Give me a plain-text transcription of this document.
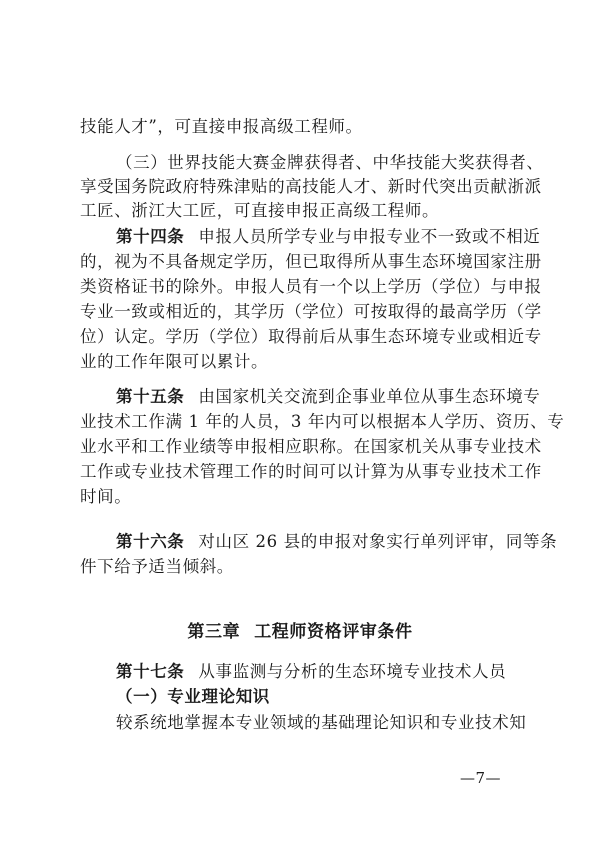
技能人才”，可直接申报高级工程师。
（三）世界技能大赛金牌获得者、中华技能大奖获得者、
享受国务院政府特殊津贴的高技能人才、新时代突出贡献浙派
工匠、浙江大工匠，可直接申报正高级工程师。
第十四条 申报人员所学专业与申报专业不一致或不相近
的，视为不具备规定学历，但已取得所从事生态环境国家注册
类资格证书的除外。申报人员有一个以上学历（学位）与申报
专业一致或相近的，其学历（学位）可按取得的最高学历（学
位）认定。学历（学位）取得前后从事生态环境专业或相近专
业的工作年限可以累计。
第十五条 由国家机关交流到企事业单位从事生态环境专
业技术工作满 1 年的人员，3 年内可以根据本人学历、资历、专
业水平和工作业绩等申报相应职称。在国家机关从事专业技术
工作或专业技术管理工作的时间可以计算为从事专业技术工作
时间。
第十六条 对山区 26 县的申报对象实行单列评审，同等条
件下给予适当倾斜。
第三章 工程师资格评审条件
第十七条 从事监测与分析的生态环境专业技术人员
（一）专业理论知识
较系统地掌握本专业领域的基础理论知识和专业技术知
—7—
